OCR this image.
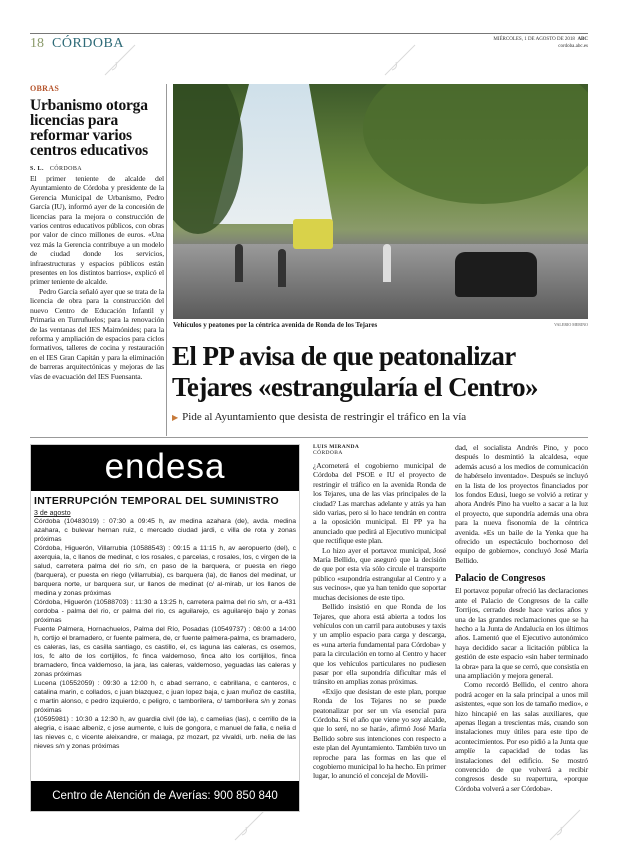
18 CÓRDOBA	MIÉRCOLES, 1 DE AGOSTO DE 2018 ABC
cordoba.abc.es
OBRAS
Urbanismo otorga licencias para reformar varios centros educativos
S. L. CÓRDOBA

El primer teniente de alcalde del Ayuntamiento de Córdoba y presidente de la Gerencia Municipal de Urbanismo, Pedro García (IU), informó ayer de la concesión de licencias para la mejora o construcción de varios centros educativos públicos, con obras por valor de cinco millones de euros. «Una vez más la Gerencia contribuye a un modelo de ciudad donde los servicios, infraestructuras y espacios públicos están presentes en los distintos barrios», explicó el primer teniente de alcalde.

Pedro García señaló ayer que se trata de la licencia de obra para la construcción del nuevo Centro de Educación Infantil y Primaria en Turruñuelos; para la renovación de las ventanas del IES Maimónides; para la reforma y ampliación de espacios para ciclos formativos, talleres de cocina y restauración en el IES Gran Capitán y para la eliminación de barreras arquitectónicas y mejoras de las vías de evacuación del IES Fuensanta.

Vehículos y peatones por la céntrica avenida de Ronda de los Tejares	VALERIO MERINO
El PP avisa de que peatonalizar
Tejares «estrangularía el Centro»
▶ Pide al Ayuntamiento que desista de restringir el tráfico en la vía
endesa
INTERRUPCIÓN TEMPORAL DEL SUMINISTRO
3 de agosto
Córdoba (10483019) : 07:30 a 09:45 h, av medina azahara (de), avda. medina azahara, c bulevar hernan ruiz, c mercado ciudad jardi, c villa de rota y zonas próximas
Córdoba, Higuerón, Villarrubia (10588543) : 09:15 a 11:15 h, av aeropuerto (del), c axerquia, la, c llanos de medinat, c los rosales, c parcelas, c rosales, los, c virgen de la salud, carretera palma del rio s/n, cn paso de la barquera, cr puesta en riego (barquera), cr puesta en riego (villarrubia), cs barquera (la), dc llanos del medinat, ur barquera norte, ur barquera sur, ur llanos de medinat (c/ al-mirab, ur los llanos de medina y zonas próximas
Córdoba, Higuerón (10588703) : 11:30 a 13:25 h, carretera palma del rio s/n, cr a-431 cordoba - palma del rio, cr palma del rio, cs aguilarejo, cs aguilarejo bajo y zonas próximas
Fuente Palmera, Hornachuelos, Palma del Río, Posadas (10549737) : 08:00 a 14:00 h, cortijo el bramadero, cr fuente palmera, de, cr fuente palmera-palma, cs bramadero, cs caleras, las, cs casilla santiago, cs castillo, el, cs laguna las caleras, cs osemos, los, fc alto de los cortijillos, fc finca valdemoso, finca alto los cortijillos, finca bramadero, finca valdemoso, la jara, las caleras, valdemoso, yeguadas las caleras y zonas próximas
Lucena (10552059) : 09:30 a 12:00 h, c abad serrano, c cabrillana, c canteros, c catalina marin, c collados, c juan blazquez, c juan lopez baja, c juan muñoz de castilla, c martin alonso, c pedro izquierdo, c peligro, c tamborilera, c/ tamborilera s/n y zonas próximas
(10595981) : 10:30 a 12:30 h, av guardia civil (de la), c camelias (las), c cerrillo de la alegria, c isaac albeniz, c jose aumente, c luis de gongora, c manuel de falla, c nelia d las nieves c, c vicente aleixandre, cr malaga, pz mozart, pz vivaldi, urb. nelia de las nieves s/n y zonas próximas
Centro de Atención de Averías: 900 850 840
LUIS MIRANDA
CÓRDOBA

¿Acometerá el cogobierno municipal de Córdoba del PSOE e IU el proyecto de restringir el tráfico en la avenida Ronda de los Tejares, una de las vías principales de la ciudad? Las marchas adelante y atrás ya han sido varias, pero si lo hace tendrán en contra a la oposición municipal. El PP ya ha anunciado que pedirá al Ejecutivo municipal que rectifique este plan.

Lo hizo ayer el portavoz municipal, José María Bellido, que aseguró que la decisión de que por esta vía sólo circule el transporte público «supondría estrangular al Centro y a sus vecinos», que ya han tenido que soportar muchas decisiones de este tipo.

Bellido insistió en que Ronda de los Tejares, que ahora está abierta a todos los vehículos con un carril para autobuses y taxis y un amplio espacio para carga y descarga, es «una arteria fundamental para Córdoba» y para la circulación en torno al Centro y hacer que los vehículos particulares no pudiesen pasar por ella supondría dificultar más el tránsito en amplias zonas próximas.

«Exijo que desistan de este plan, porque Ronda de los Tejares no se puede peatonalizar por ser un vía esencial para Córdoba. Si el año que viene yo soy alcalde, que lo seré, no se hará», afirmó José María Bellido sobre sus intenciones con respecto a este plan del Ayuntamiento. También tuvo un reproche para las formas en las que el cogobierno municipal lo ha hecho. En primer lugar, lo anunció el concejal de Movili-

dad, el socialista Andrés Pino, y poco después lo desmintió la alcaldesa, «que además acusó a los medios de comunicación de habérselo inventado». Después se incluyó en la lista de los proyectos financiados por los fondos Edusi, luego se volvió a retirar y ahora Andrés Pino ha vuelto a sacar a la luz el proyecto, que supondría además una obra para la nueva fisonomía de la céntrica avenida. «Es un baile de la Yenka que ha ofrecido un espectáculo bochornoso del equipo de gobierno», concluyó José María Bellido.

Palacio de Congresos

El portavoz popular ofreció las declaraciones ante el Palacio de Congresos de la calle Torrijos, cerrado desde hace varios años y una de las grandes reclamaciones que se ha hecho a la Junta de Andalucía en los últimos años. Lamentó que el Ejecutivo autonómico haya decidido sacar a licitación pública la gestión de este espacio «sin haber terminado la obra» para la que se cerró, que consistía en una ampliación y mejora general.

Como recordó Bellido, el centro ahora podrá acoger en la sala principal a unos mil asistentes, «que son los de tamaño medio», e hizo hincapié en las salas auxiliares, que apenas llegan a trescientas más, cuando son instalaciones muy útiles para este tipo de acontecimientos. Por eso pidió a la Junta que amplíe la capacidad de todas las instalaciones del edificio. Se mostró convencido de que volverá a recibir congresos desde su reapertura, «porque Córdoba volverá a ser Córdoba».
